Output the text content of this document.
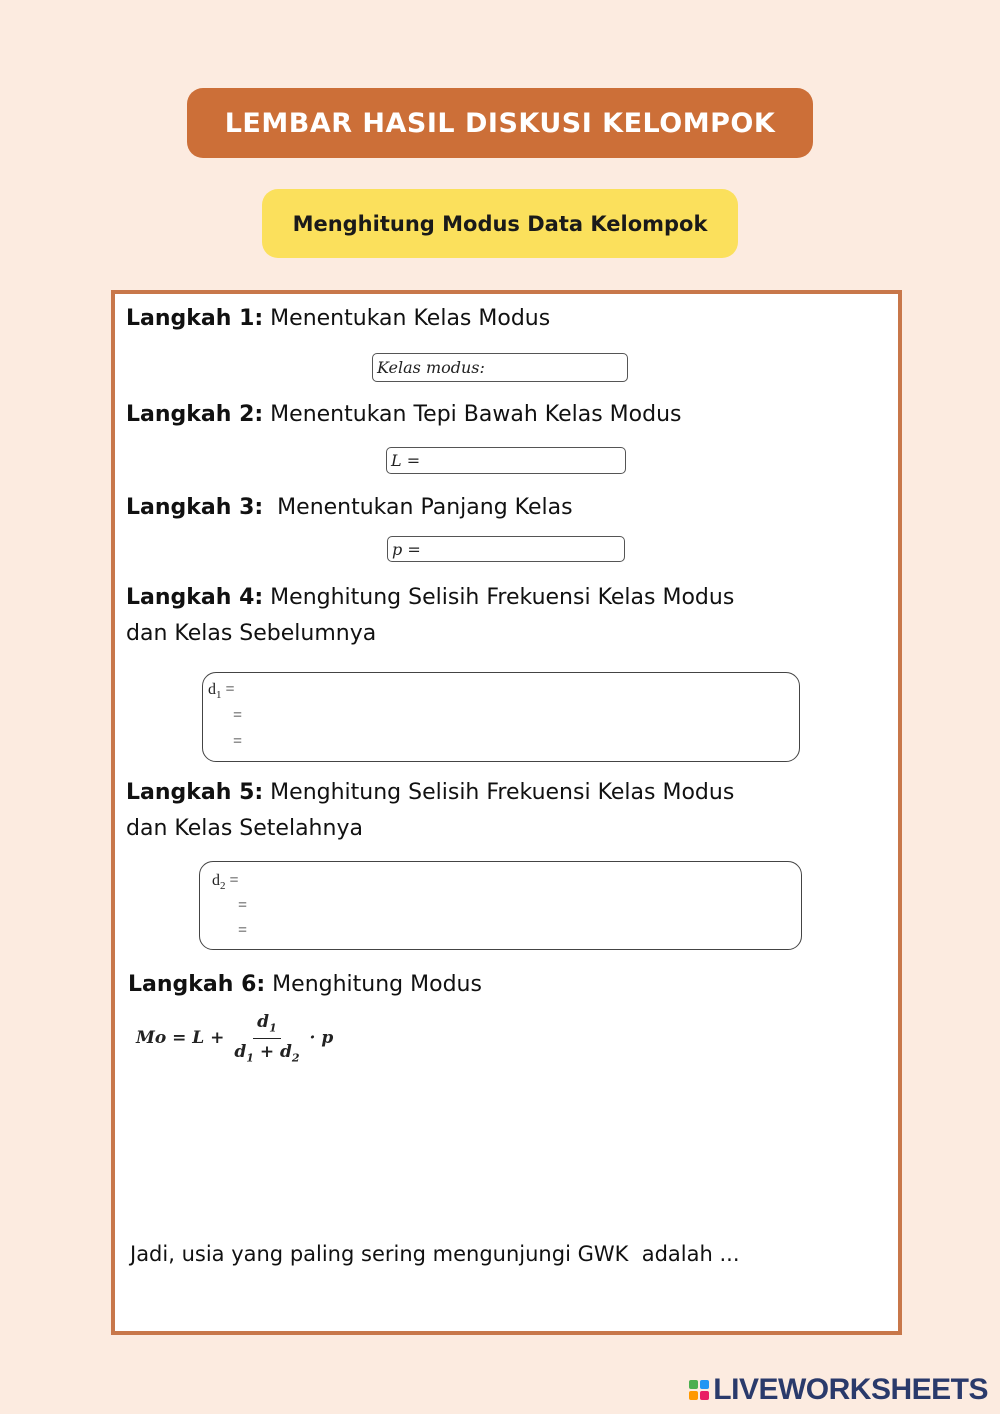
LEMBAR HASIL DISKUSI KELOMPOK
Menghitung Modus Data Kelompok
Langkah 1: Menentukan Kelas Modus
Kelas modus:
Langkah 2: Menentukan Tepi Bawah Kelas Modus
L =
Langkah 3:  Menentukan Panjang Kelas
p =
Langkah 4: Menghitung Selisih Frekuensi Kelas Modus
dan Kelas Sebelumnya
$d_1$ =
=
=
Langkah 5: Menghitung Selisih Frekuensi Kelas Modus
dan Kelas Setelahnya
$d_2$ =
=
=
Langkah 6: Menghitung Modus
$Mo = L + \frac{d_1}{d_1 + d_2} \cdot p$
Jadi, usia yang paling sering mengunjungi GWK  adalah ...
LIVEWORKSHEETS
